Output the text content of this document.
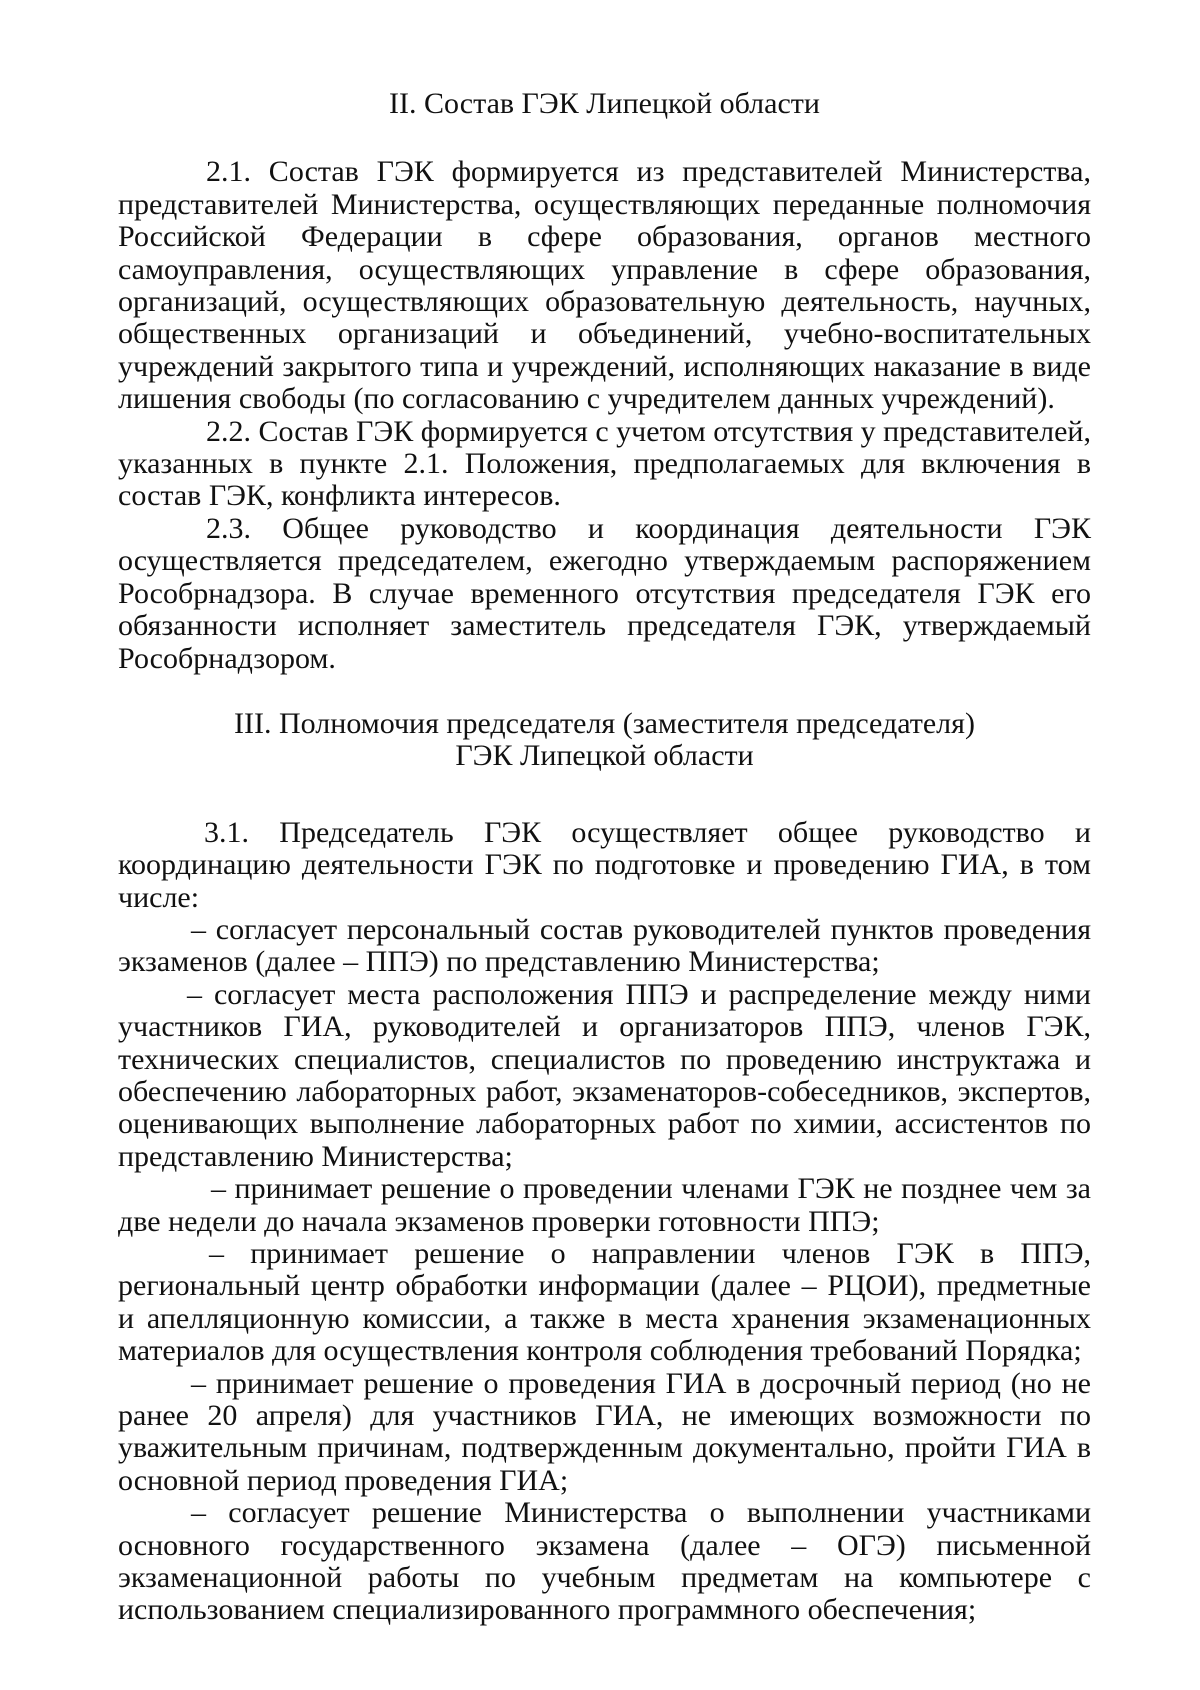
II. Состав ГЭК Липецкой области

2.1. Состав ГЭК формируется из представителей Министерства, представителей Министерства, осуществляющих переданные полномочия Российской Федерации в сфере образования, органов местного самоуправления, осуществляющих управление в сфере образования, организаций, осуществляющих образовательную деятельность, научных, общественных организаций и объединений, учебно-воспитательных учреждений закрытого типа и учреждений, исполняющих наказание в виде лишения свободы (по согласованию с учредителем данных учреждений).

2.2. Состав ГЭК формируется с учетом отсутствия у представителей, указанных в пункте 2.1. Положения, предполагаемых для включения в состав ГЭК, конфликта интересов.

2.3. Общее руководство и координация деятельности ГЭК осуществляется председателем, ежегодно утверждаемым распоряжением Рособрнадзора. В случае временного отсутствия председателя ГЭК его обязанности исполняет заместитель председателя ГЭК, утверждаемый Рособрнадзором.

III. Полномочия председателя (заместителя председателя)
ГЭК Липецкой области

3.1. Председатель ГЭК осуществляет общее руководство и координацию деятельности ГЭК по подготовке и проведению ГИА, в том числе:

– согласует персональный состав руководителей пунктов проведения экзаменов (далее – ППЭ) по представлению Министерства;

– согласует места расположения ППЭ и распределение между ними участников ГИА, руководителей и организаторов ППЭ, членов ГЭК, технических специалистов, специалистов по проведению инструктажа и обеспечению лабораторных работ, экзаменаторов-собеседников, экспертов, оценивающих выполнение лабораторных работ по химии, ассистентов по представлению Министерства;

– принимает решение о проведении членами ГЭК не позднее чем за две недели до начала экзаменов проверки готовности ППЭ;

– принимает решение о направлении членов ГЭК в ППЭ, региональный центр обработки информации (далее – РЦОИ), предметные и апелляционную комиссии, а также в места хранения экзаменационных материалов для осуществления контроля соблюдения требований Порядка;

– принимает решение о проведения ГИА в досрочный период (но не ранее 20 апреля) для участников ГИА, не имеющих возможности по уважительным причинам, подтвержденным документально, пройти ГИА в основной период проведения ГИА;

– согласует решение Министерства о выполнении участниками основного государственного экзамена (далее – ОГЭ) письменной экзаменационной работы по учебным предметам на компьютере с использованием специализированного программного обеспечения;
